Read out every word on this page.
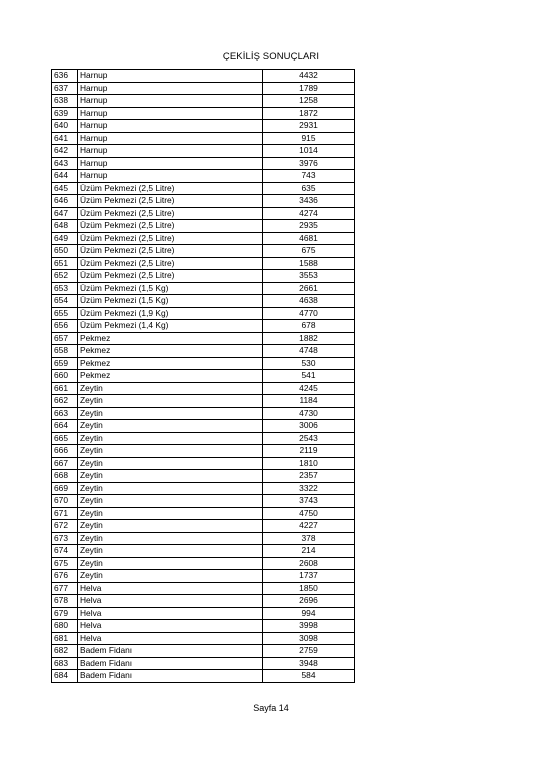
ÇEKİLİŞ SONUÇLARI
636	Harnup	4432
637	Harnup	1789
638	Harnup	1258
639	Harnup	1872
640	Harnup	2931
641	Harnup	915
642	Harnup	1014
643	Harnup	3976
644	Harnup	743
645	Üzüm Pekmezi (2,5 Litre)	635
646	Üzüm Pekmezi (2,5 Litre)	3436
647	Üzüm Pekmezi (2,5 Litre)	4274
648	Üzüm Pekmezi (2,5 Litre)	2935
649	Üzüm Pekmezi (2,5 Litre)	4681
650	Üzüm Pekmezi (2,5 Litre)	675
651	Üzüm Pekmezi (2,5 Litre)	1588
652	Üzüm Pekmezi (2,5 Litre)	3553
653	Üzüm Pekmezi (1,5 Kg)	2661
654	Üzüm Pekmezi (1,5 Kg)	4638
655	Üzüm Pekmezi (1,9 Kg)	4770
656	Üzüm Pekmezi (1,4 Kg)	678
657	Pekmez	1882
658	Pekmez	4748
659	Pekmez	530
660	Pekmez	541
661	Zeytin	4245
662	Zeytin	1184
663	Zeytin	4730
664	Zeytin	3006
665	Zeytin	2543
666	Zeytin	2119
667	Zeytin	1810
668	Zeytin	2357
669	Zeytin	3322
670	Zeytin	3743
671	Zeytin	4750
672	Zeytin	4227
673	Zeytin	378
674	Zeytin	214
675	Zeytin	2608
676	Zeytin	1737
677	Helva	1850
678	Helva	2696
679	Helva	994
680	Helva	3998
681	Helva	3098
682	Badem Fidanı	2759
683	Badem Fidanı	3948
684	Badem Fidanı	584
Sayfa 14
